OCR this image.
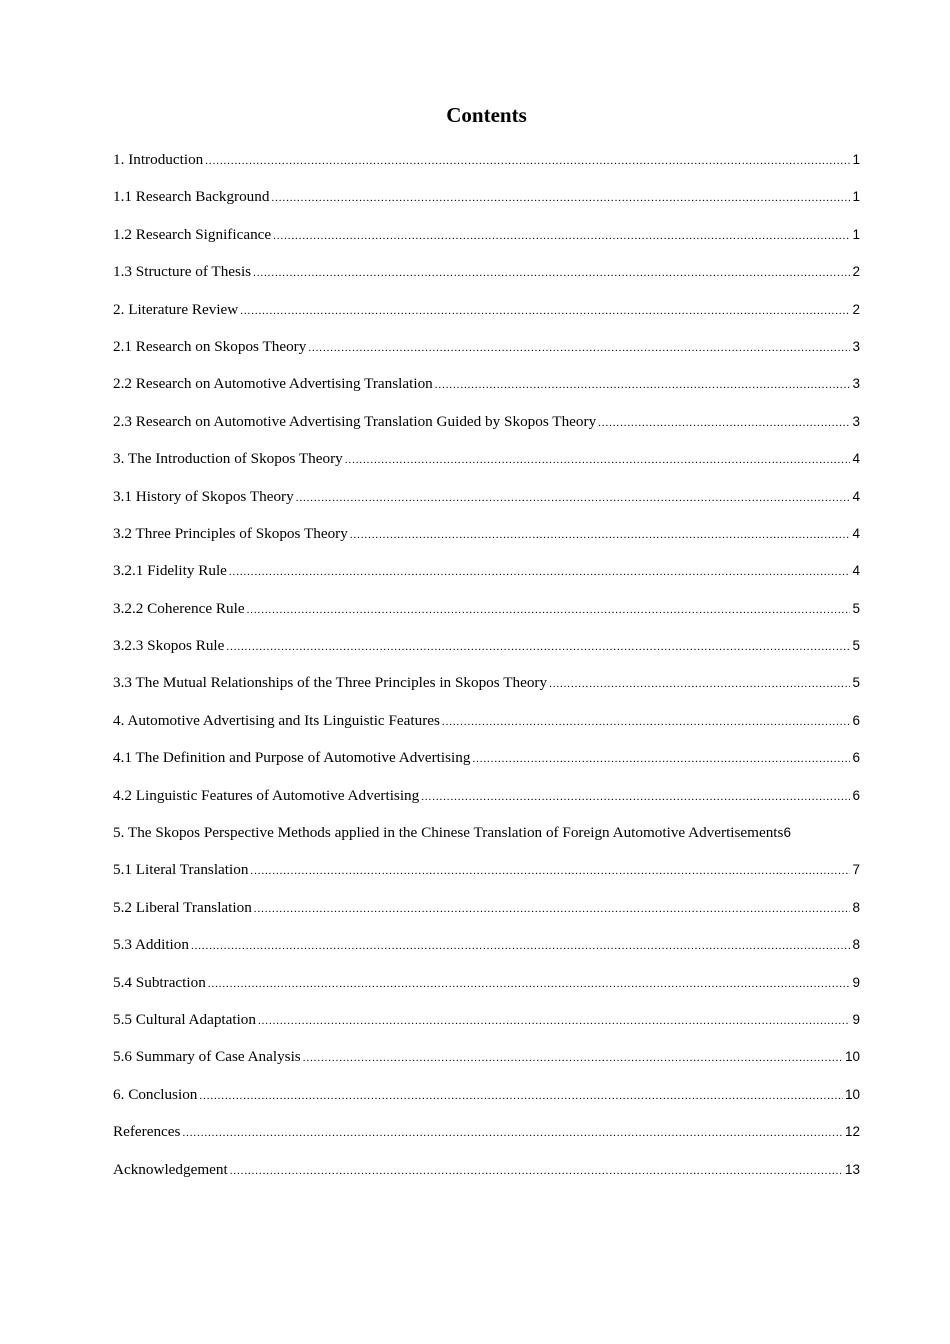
Contents
1. Introduction .....	1
1.1 Research Background .....	1
1.2 Research Significance .....	1
1.3 Structure of Thesis .....	2
2. Literature Review .....	2
2.1 Research on Skopos Theory .....	3
2.2 Research on Automotive Advertising Translation .....	3
2.3 Research on Automotive Advertising Translation Guided by Skopos Theory .....	3
3. The Introduction of Skopos Theory .....	4
3.1 History of Skopos Theory .....	4
3.2 Three Principles of Skopos Theory .....	4
3.2.1 Fidelity Rule .....	4
3.2.2 Coherence Rule .....	5
3.2.3 Skopos Rule .....	5
3.3 The Mutual Relationships of the Three Principles in Skopos Theory .....	5
4. Automotive Advertising and Its Linguistic Features .....	6
4.1 The Definition and Purpose of Automotive Advertising .....	6
4.2 Linguistic Features of Automotive Advertising .....	6
5. The Skopos Perspective Methods applied in the Chinese Translation of Foreign Automotive Advertisements 6
5.1 Literal Translation .....	7
5.2 Liberal Translation .....	8
5.3 Addition .....	8
5.4 Subtraction .....	9
5.5 Cultural Adaptation .....	9
5.6 Summary of Case Analysis .....	10
6. Conclusion .....	10
References .....	12
Acknowledgement .....	13
